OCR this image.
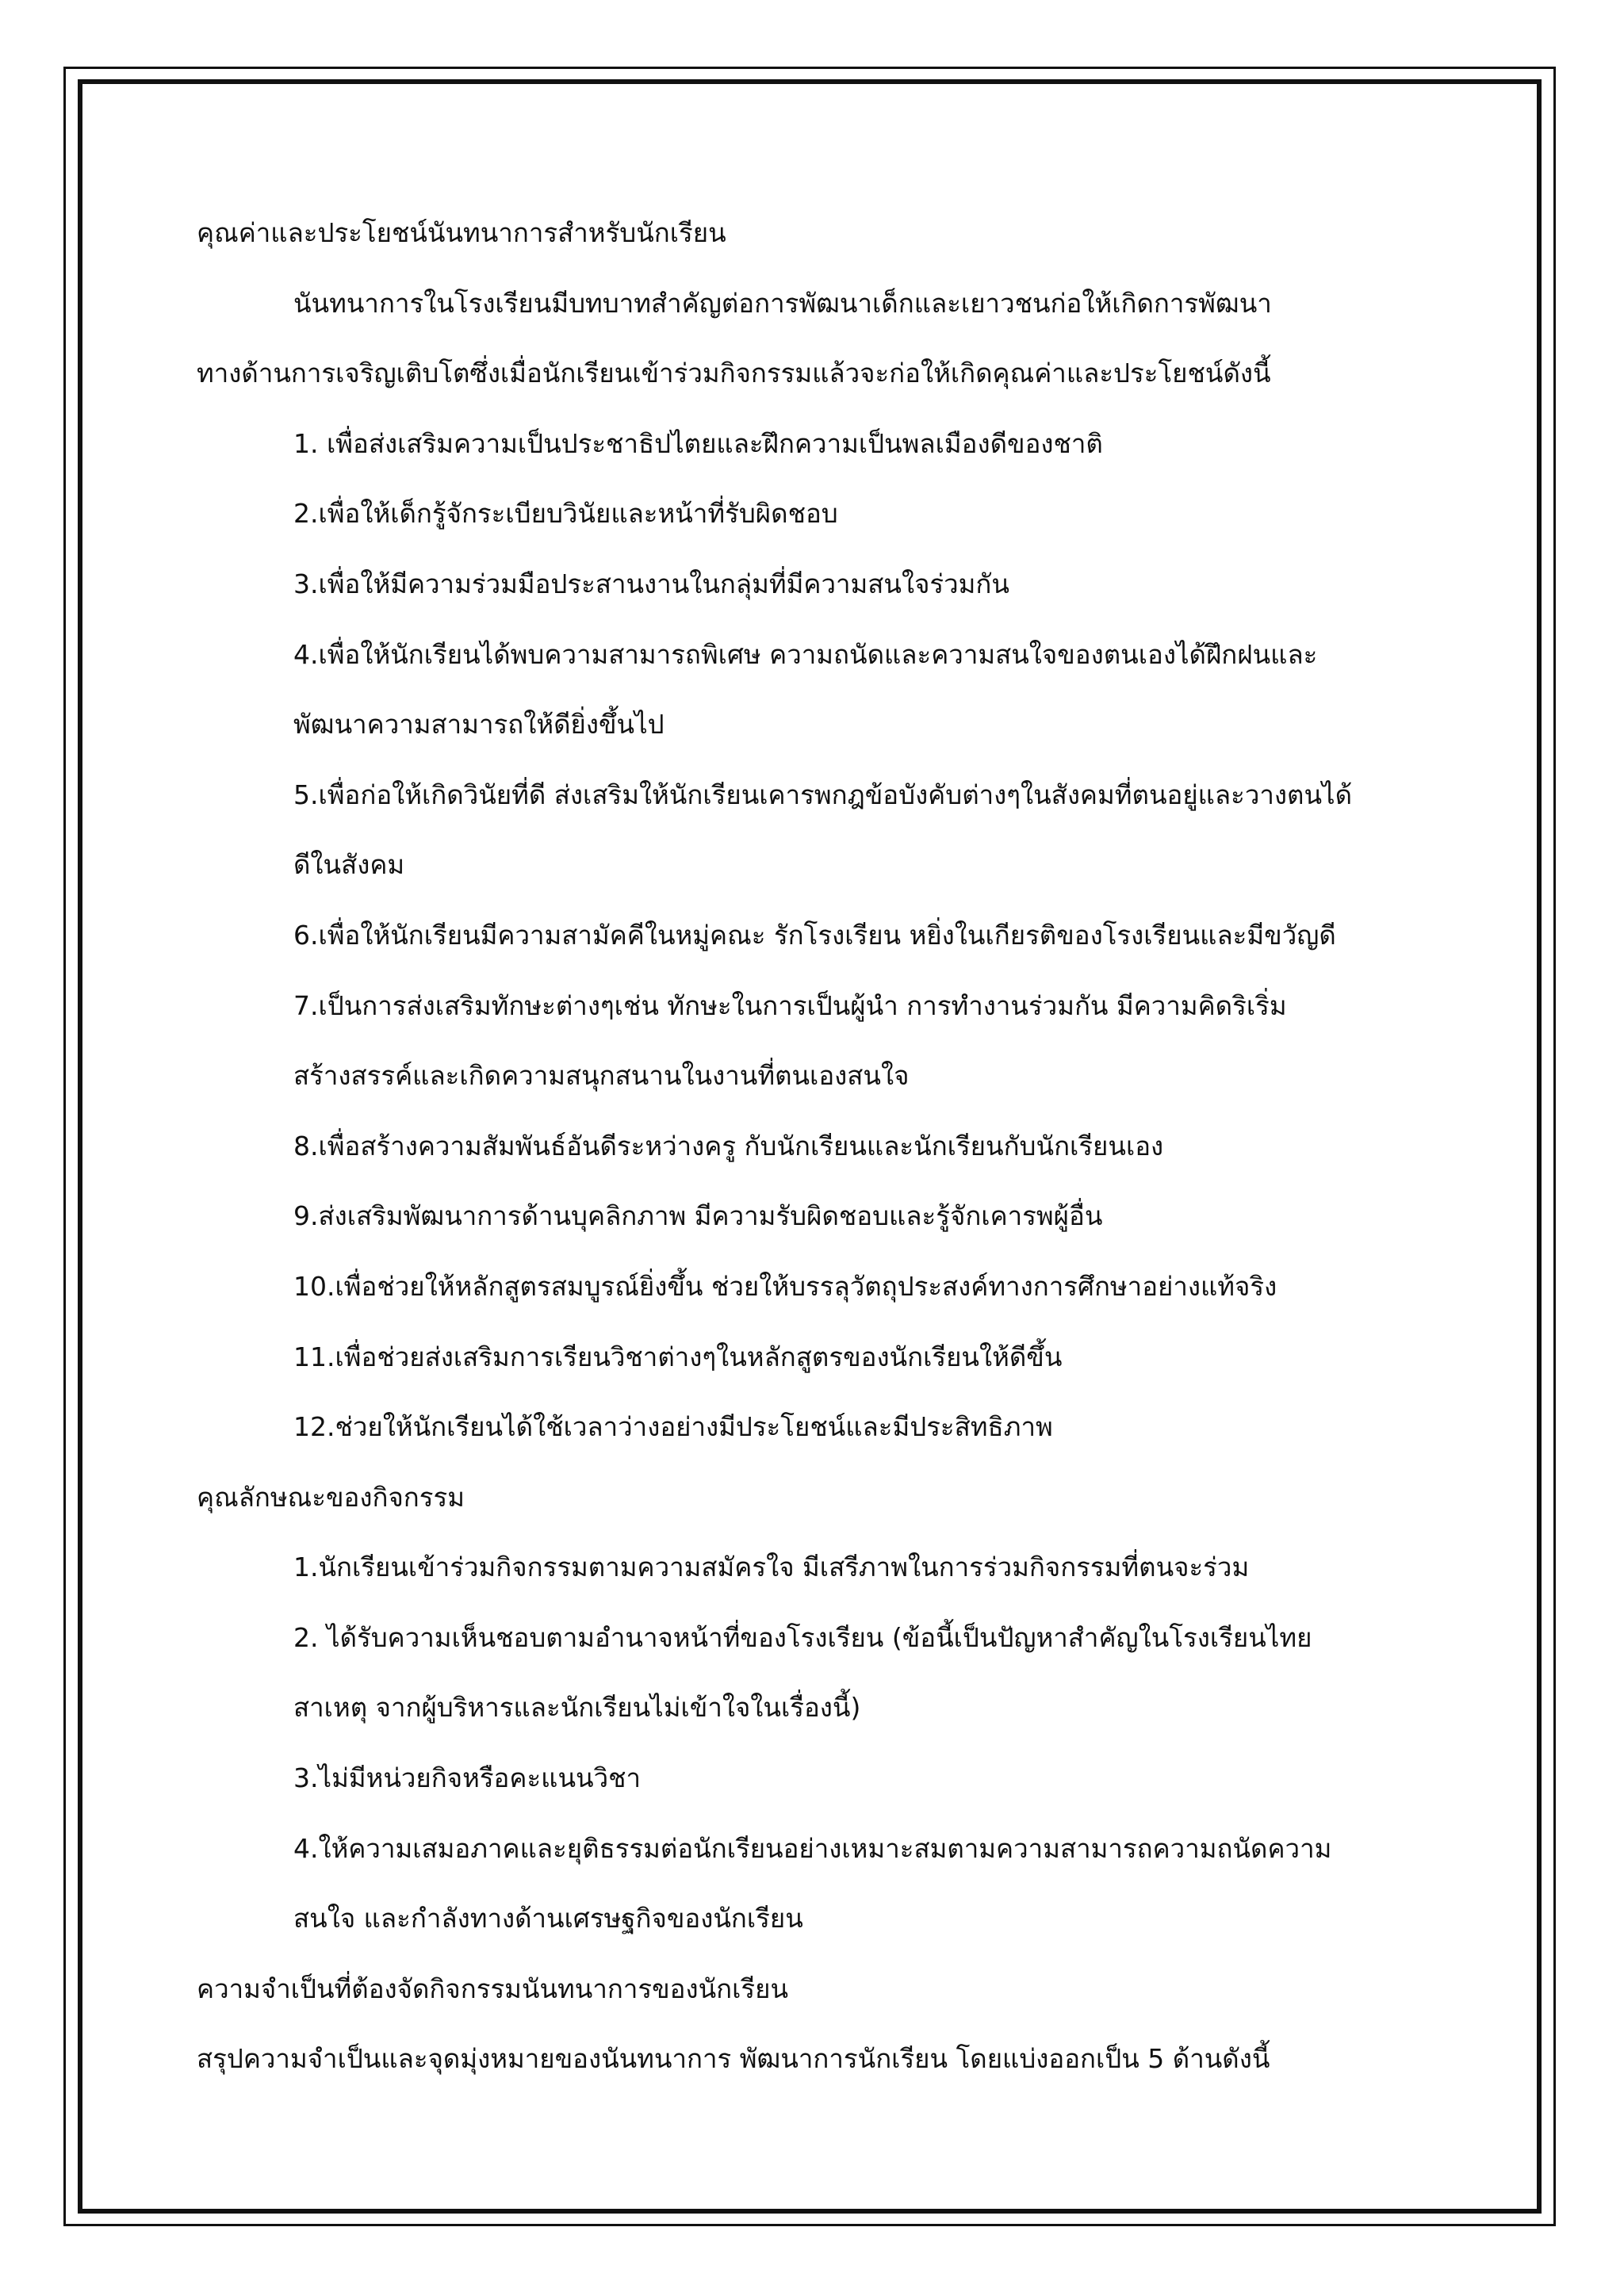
คุณค่าและประโยชน์นันทนาการสำหรับนักเรียน
นันทนาการในโรงเรียนมีบทบาทสำคัญต่อการพัฒนาเด็กและเยาวชนก่อให้เกิดการพัฒนา
ทางด้านการเจริญเติบโตซึ่งเมื่อนักเรียนเข้าร่วมกิจกรรมแล้วจะก่อให้เกิดคุณค่าและประโยชน์ดังนี้
1. เพื่อส่งเสริมความเป็นประชาธิปไตยและฝึกความเป็นพลเมืองดีของชาติ
2.เพื่อให้เด็กรู้จักระเบียบวินัยและหน้าที่รับผิดชอบ
3.เพื่อให้มีความร่วมมือประสานงานในกลุ่มที่มีความสนใจร่วมกัน
4.เพื่อให้นักเรียนได้พบความสามารถพิเศษ ความถนัดและความสนใจของตนเองได้ฝึกฝนและ
พัฒนาความสามารถให้ดียิ่งขึ้นไป
5.เพื่อก่อให้เกิดวินัยที่ดี ส่งเสริมให้นักเรียนเคารพกฎข้อบังคับต่างๆในสังคมที่ตนอยู่และวางตนได้
ดีในสังคม
6.เพื่อให้นักเรียนมีความสามัคคีในหมู่คณะ รักโรงเรียน หยิ่งในเกียรติของโรงเรียนและมีขวัญดี
7.เป็นการส่งเสริมทักษะต่างๆเช่น ทักษะในการเป็นผู้นำ การทำงานร่วมกัน มีความคิดริเริ่ม
สร้างสรรค์และเกิดความสนุกสนานในงานที่ตนเองสนใจ
8.เพื่อสร้างความสัมพันธ์อันดีระหว่างครู กับนักเรียนและนักเรียนกับนักเรียนเอง
9.ส่งเสริมพัฒนาการด้านบุคลิกภาพ มีความรับผิดชอบและรู้จักเคารพผู้อื่น
10.เพื่อช่วยให้หลักสูตรสมบูรณ์ยิ่งขึ้น ช่วยให้บรรลุวัตถุประสงค์ทางการศึกษาอย่างแท้จริง
11.เพื่อช่วยส่งเสริมการเรียนวิชาต่างๆในหลักสูตรของนักเรียนให้ดีขึ้น
12.ช่วยให้นักเรียนได้ใช้เวลาว่างอย่างมีประโยชน์และมีประสิทธิภาพ
คุณลักษณะของกิจกรรม
1.นักเรียนเข้าร่วมกิจกรรมตามความสมัครใจ มีเสรีภาพในการร่วมกิจกรรมที่ตนจะร่วม
2. ได้รับความเห็นชอบตามอำนาจหน้าที่ของโรงเรียน (ข้อนี้เป็นปัญหาสำคัญในโรงเรียนไทย
สาเหตุ จากผู้บริหารและนักเรียนไม่เข้าใจในเรื่องนี้)
3.ไม่มีหน่วยกิจหรือคะแนนวิชา
4.ให้ความเสมอภาคและยุติธรรมต่อนักเรียนอย่างเหมาะสมตามความสามารถความถนัดความ
สนใจ และกำลังทางด้านเศรษฐกิจของนักเรียน
ความจำเป็นที่ต้องจัดกิจกรรมนันทนาการของนักเรียน
สรุปความจำเป็นและจุดมุ่งหมายของนันทนาการ พัฒนาการนักเรียน โดยแบ่งออกเป็น 5 ด้านดังนี้
